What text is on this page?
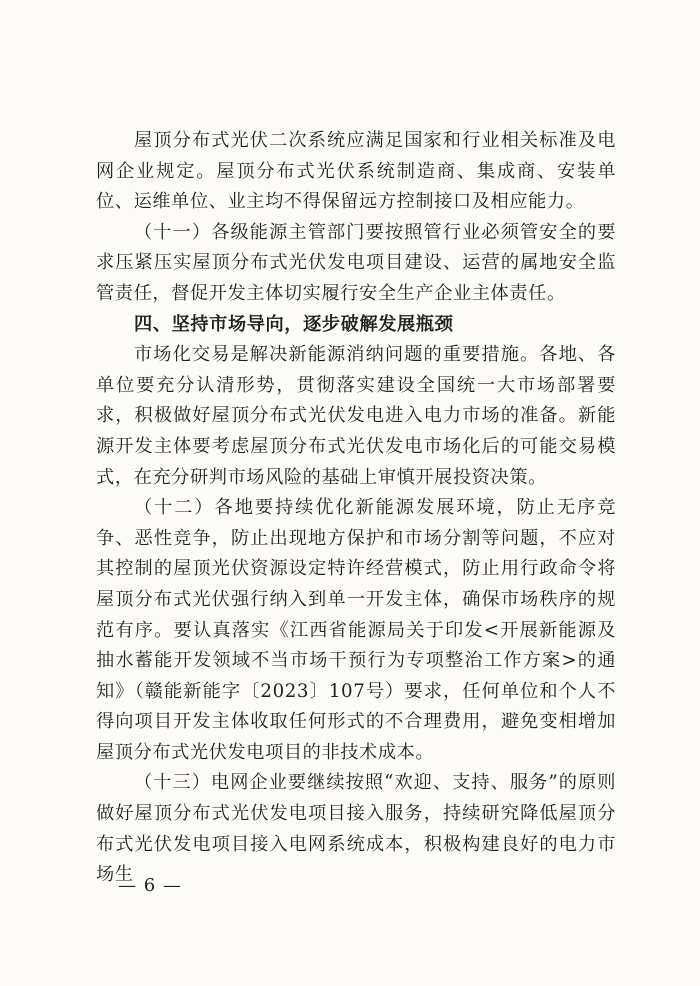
屋顶分布式光伏二次系统应满足国家和行业相关标准及电网企业规定。屋顶分布式光伏系统制造商、集成商、安装单位、运维单位、业主均不得保留远方控制接口及相应能力。

（十一）各级能源主管部门要按照管行业必须管安全的要求压紧压实屋顶分布式光伏发电项目建设、运营的属地安全监管责任，督促开发主体切实履行安全生产企业主体责任。

四、坚持市场导向，逐步破解发展瓶颈

市场化交易是解决新能源消纳问题的重要措施。各地、各单位要充分认清形势，贯彻落实建设全国统一大市场部署要求，积极做好屋顶分布式光伏发电进入电力市场的准备。新能源开发主体要考虑屋顶分布式光伏发电市场化后的可能交易模式，在充分研判市场风险的基础上审慎开展投资决策。

（十二）各地要持续优化新能源发展环境，防止无序竞争、恶性竞争，防止出现地方保护和市场分割等问题，不应对其控制的屋顶光伏资源设定特许经营模式，防止用行政命令将屋顶分布式光伏强行纳入到单一开发主体，确保市场秩序的规范有序。要认真落实《江西省能源局关于印发<开展新能源及抽水蓄能开发领域不当市场干预行为专项整治工作方案>的通知》（赣能新能字〔2023〕107号）要求，任何单位和个人不得向项目开发主体收取任何形式的不合理费用，避免变相增加屋顶分布式光伏发电项目的非技术成本。

（十三）电网企业要继续按照“欢迎、支持、服务”的原则做好屋顶分布式光伏发电项目接入服务，持续研究降低屋顶分布式光伏发电项目接入电网系统成本，积极构建良好的电力市场生

— 6 —
